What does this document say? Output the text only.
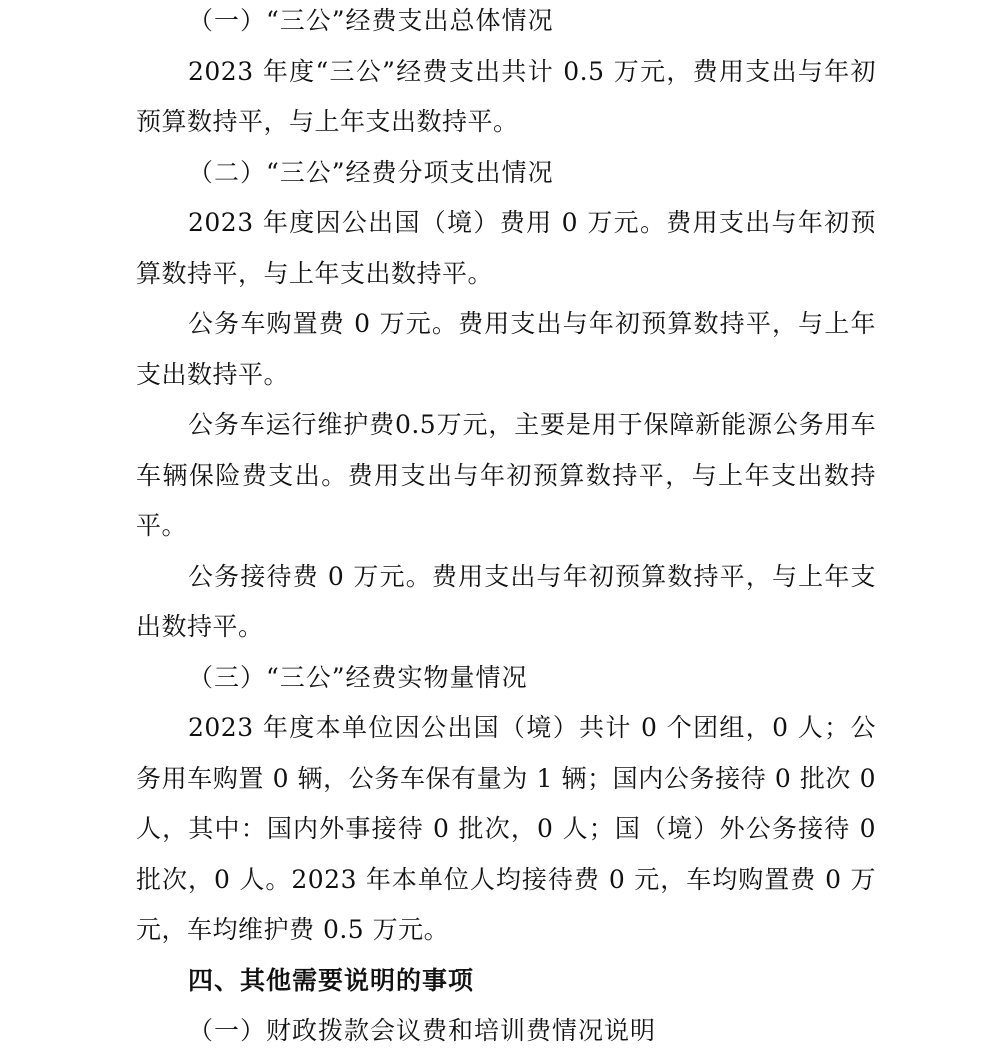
（一）“三公”经费支出总体情况

2023 年度“三公”经费支出共计 0.5 万元，费用支出与年初预算数持平，与上年支出数持平。

（二）“三公”经费分项支出情况

2023 年度因公出国（境）费用 0 万元。费用支出与年初预算数持平，与上年支出数持平。

公务车购置费 0 万元。费用支出与年初预算数持平，与上年支出数持平。

公务车运行维护费0.5万元，主要是用于保障新能源公务用车车辆保险费支出。费用支出与年初预算数持平，与上年支出数持平。

公务接待费 0 万元。费用支出与年初预算数持平，与上年支出数持平。

（三）“三公”经费实物量情况

2023 年度本单位因公出国（境）共计 0 个团组，0 人；公务用车购置 0 辆，公务车保有量为 1 辆；国内公务接待 0 批次 0 人，其中：国内外事接待 0 批次，0 人；国（境）外公务接待 0 批次，0 人。2023 年本单位人均接待费 0 元，车均购置费 0 万元，车均维护费 0.5 万元。

四、其他需要说明的事项

（一）财政拨款会议费和培训费情况说明
